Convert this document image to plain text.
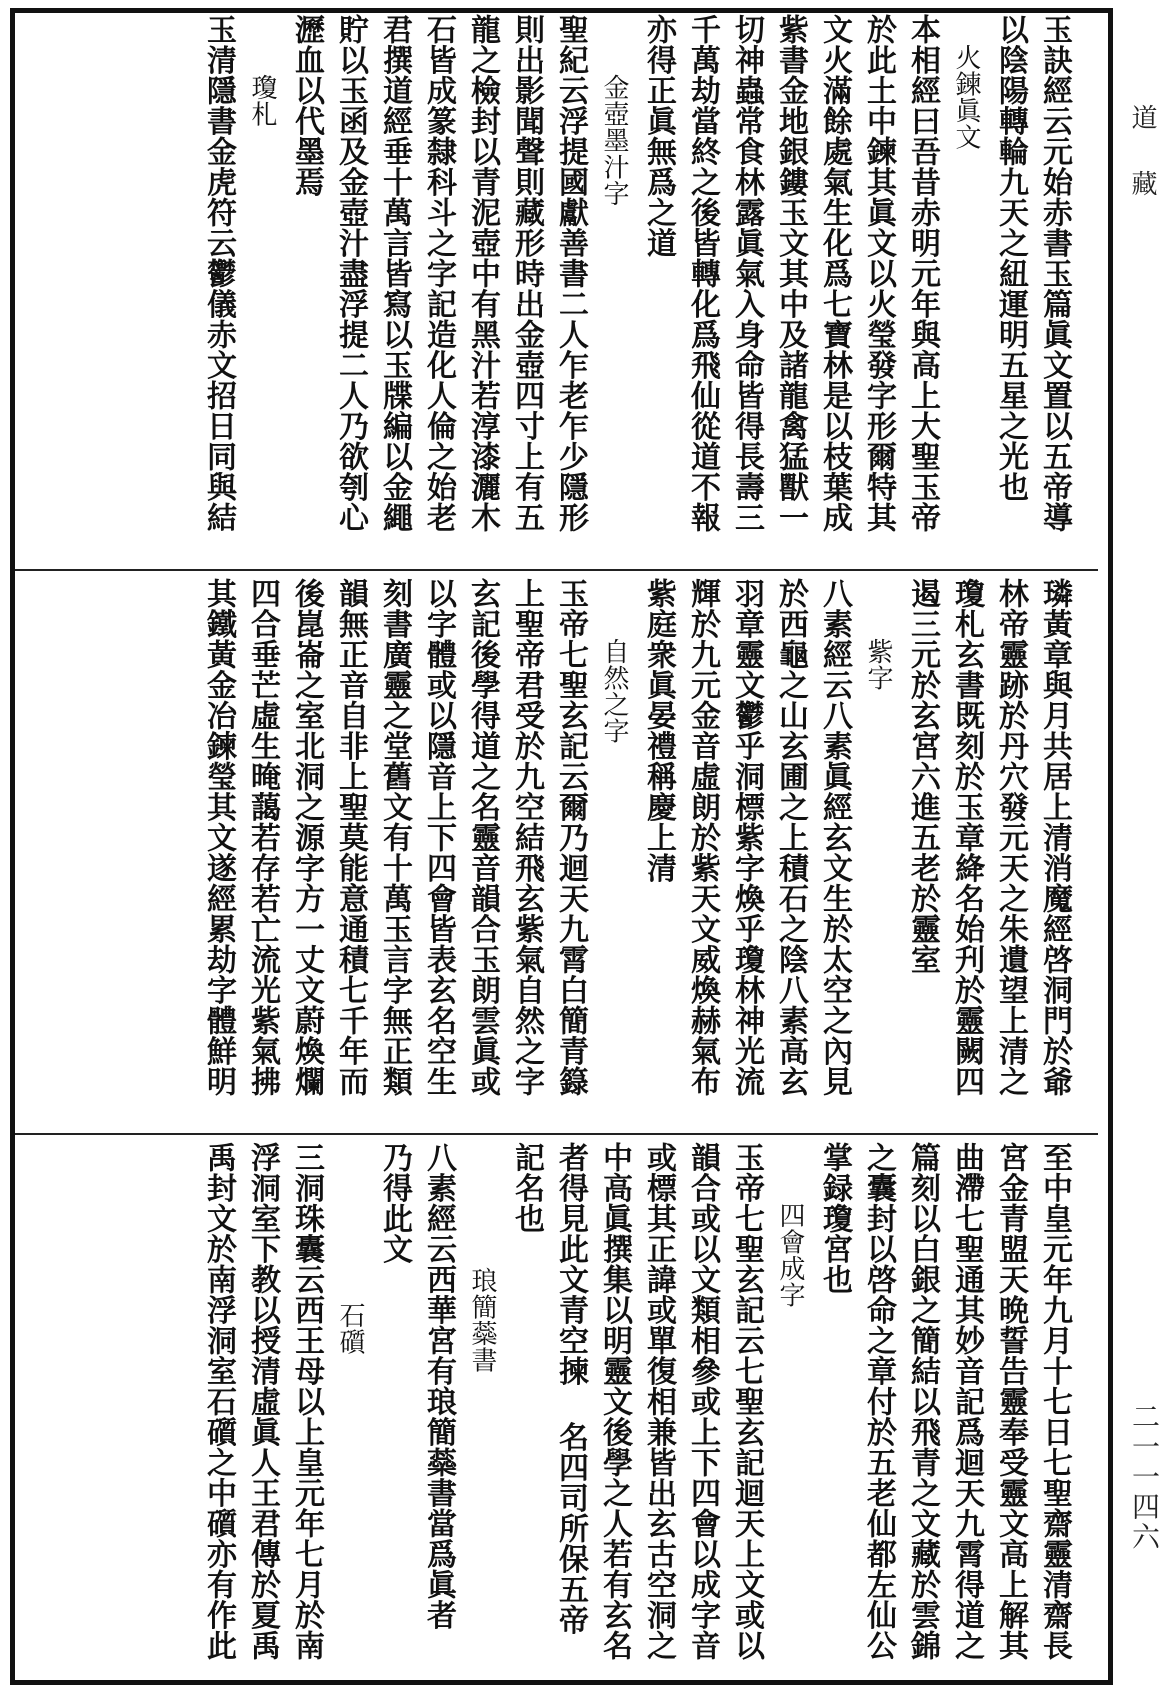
玉訣經云元始赤書玉篇眞文置以五帝導
以陰陽轉輪九天之紐運明五星之光也
火鍊眞文
本相經曰吾昔赤明元年與高上大聖玉帝
於此土中鍊其眞文以火瑩發字形爾特其
文火滿餘處氣生化爲七寶林是以枝葉成
紫書金地銀鏤玉文其中及諸龍禽猛獸一
切神蟲常食林露眞氣入身命皆得長壽三
千萬劫當終之後皆轉化爲飛仙從道不報
亦得正眞無爲之道
金壺墨汁字
聖紀云浮提國獻善書二人乍老乍少隱形
則出影聞聲則藏形時出金壺四寸上有五
龍之檢封以青泥壺中有黑汁若淳漆灑木
石皆成篆隸科斗之字記造化人倫之始老
君撰道經垂十萬言皆寫以玉牒編以金繩
貯以玉函及金壺汁盡浮提二人乃欲刳心
瀝血以代墨焉
瓊札
玉清隱書金虎符云鬱儀赤文招日同與結
璘黃章與月共居上清消魔經啓洞門於爺
林帝靈跡於丹穴發元天之朱遺望上清之
瓊札玄書既刻於玉章絳名始刋於靈闕四
遏三元於玄宮六進五老於靈室
紫字
八素經云八素眞經玄文生於太空之內見
於西龜之山玄圃之上積石之陰八素高玄
羽章靈文鬱乎洞標紫字煥乎瓊林神光流
輝於九元金音虛朗於紫天文威煥赫氣布
紫庭衆眞晏禮稱慶上清
自然之字
玉帝七聖玄記云爾乃迴天九霄白簡青籙
上聖帝君受於九空結飛玄紫氣自然之字
玄記後學得道之名靈音韻合玉朗雲眞或
以字體或以隱音上下四會皆表玄名空生
刻書廣靈之堂舊文有十萬玉言字無正類
韻無正音自非上聖莫能意通積七千年而
後崑崙之室北洞之源字方一丈文蔚煥爛
四合垂芒虛生晻藹若存若亡流光紫氣拂
其鐵黃金冶鍊瑩其文遂經累劫字體鮮明
至中皇元年九月十七日七聖齋靈清齋長
宮金青盟天晩誓告靈奉受靈文高上解其
曲滯七聖通其妙音記爲迴天九霄得道之
篇刻以白銀之簡結以飛青之文藏於雲錦
之囊封以啓命之章付於五老仙都左仙公
掌録瓊宮也
四會成字
玉帝七聖玄記云七聖玄記迴天上文或以
韻合或以文類相參或上下四會以成字音
或標其正諱或單復相兼皆出玄古空洞之
中高眞撰集以明靈文後學之人若有玄名
者得見此文青空揀 名四司所保五帝
記名也
琅簡蘂書
八素經云西華宮有琅簡蘂書當爲眞者
乃得此文
石礩
三洞珠囊云西王母以上皇元年七月於南
浮洞室下教以授清虛眞人王君傳於夏禹
禹封文於南浮洞室石礩之中礩亦有作此
道藏
二一一四六
